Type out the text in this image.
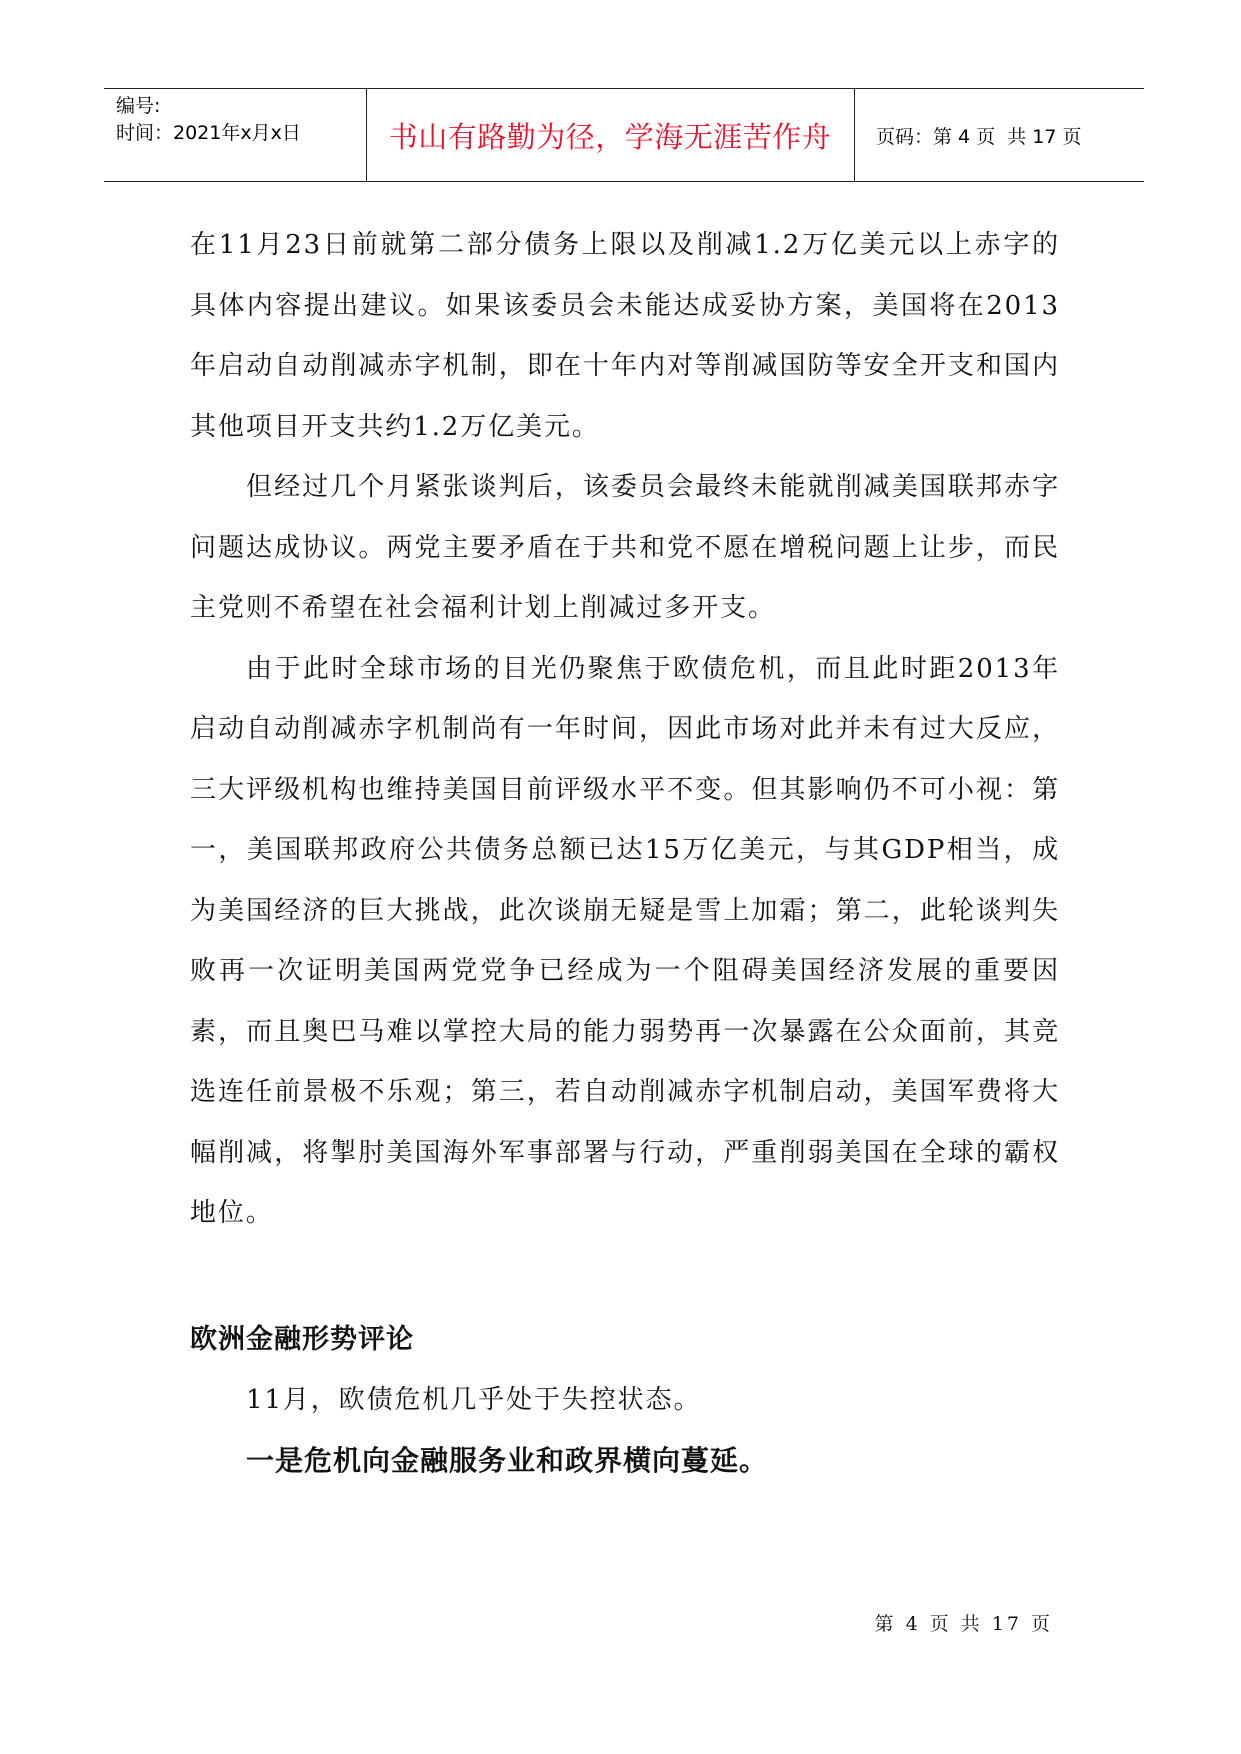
编号:
时间：2021年x月x日	书山有路勤为径，学海无涯苦作舟	页码：第 4 页  共 17 页

在11月23日前就第二部分债务上限以及削减1.2万亿美元以上赤字的具体内容提出建议。如果该委员会未能达成妥协方案，美国将在2013年启动自动削减赤字机制，即在十年内对等削减国防等安全开支和国内其他项目开支共约1.2万亿美元。

但经过几个月紧张谈判后，该委员会最终未能就削减美国联邦赤字问题达成协议。两党主要矛盾在于共和党不愿在增税问题上让步，而民主党则不希望在社会福利计划上削减过多开支。

由于此时全球市场的目光仍聚焦于欧债危机，而且此时距2013年启动自动削减赤字机制尚有一年时间，因此市场对此并未有过大反应，三大评级机构也维持美国目前评级水平不变。但其影响仍不可小视：第一，美国联邦政府公共债务总额已达15万亿美元，与其GDP相当，成为美国经济的巨大挑战，此次谈崩无疑是雪上加霜；第二，此轮谈判失败再一次证明美国两党党争已经成为一个阻碍美国经济发展的重要因素，而且奥巴马难以掌控大局的能力弱势再一次暴露在公众面前，其竞选连任前景极不乐观；第三，若自动削减赤字机制启动，美国军费将大幅削减，将掣肘美国海外军事部署与行动，严重削弱美国在全球的霸权地位。

欧洲金融形势评论

11月，欧债危机几乎处于失控状态。

一是危机向金融服务业和政界横向蔓延。

第 4 页 共 17 页
